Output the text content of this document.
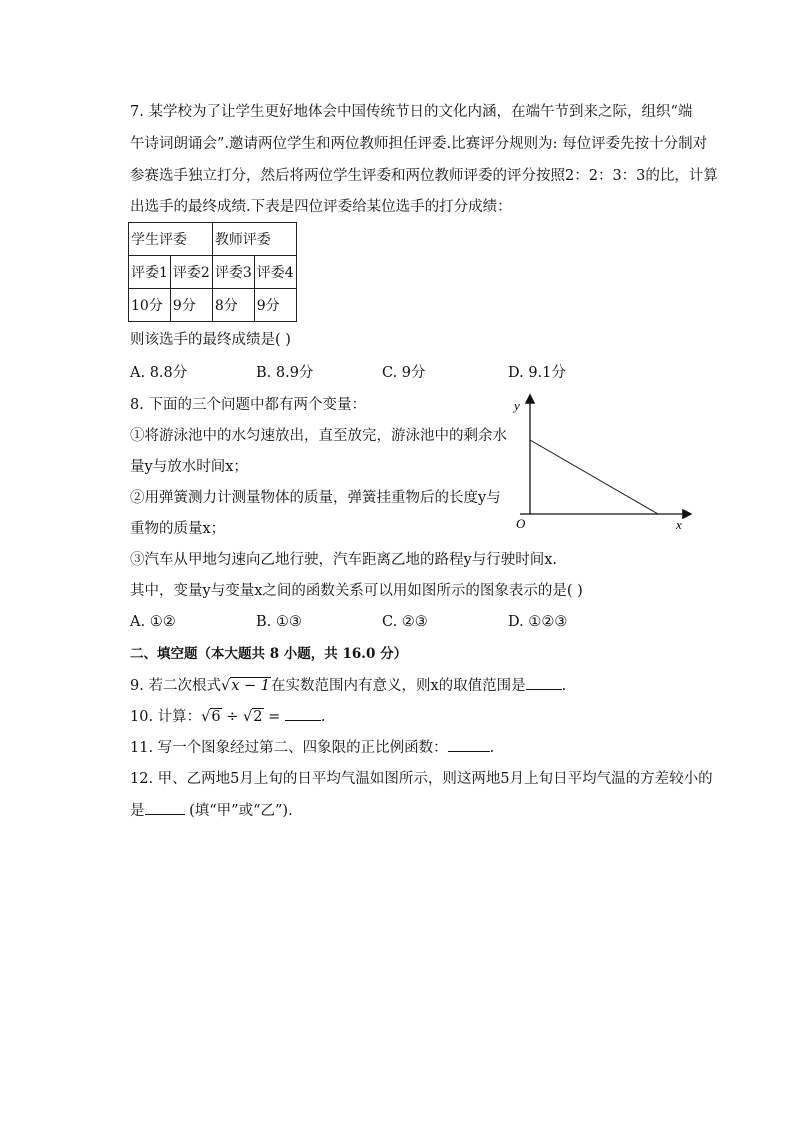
7. 某学校为了让学生更好地体会中国传统节日的文化内涵，在端午节到来之际，组织“端
午诗词朗诵会”.邀请两位学生和两位教师担任评委.比赛评分规则为: 每位评委先按十分制对
参赛选手独立打分，然后将两位学生评委和两位教师评委的评分按照2：2：3：3的比，计算
出选手的最终成绩.下表是四位评委给某位选手的打分成绩：
学生评委		教师评委	
评委1	评委2	评委3	评委4
10分	9分	8分	9分
则该选手的最终成绩是( )
A. 8.8分	B. 8.9分	C. 9分	D. 9.1分
8. 下面的三个问题中都有两个变量：
①将游泳池中的水匀速放出，直至放完，游泳池中的剩余水
量y与放水时间x；
②用弹簧测力计测量物体的质量，弹簧挂重物后的长度y与
重物的质量x；
③汽车从甲地匀速向乙地行驶，汽车距离乙地的路程y与行驶时间x.
其中，变量y与变量x之间的函数关系可以用如图所示的图象表示的是( )
y
x
O
A. ①②	B. ①③	C. ②③	D. ①②③
二、填空题（本大题共 8 小题，共 16.0 分）
9. 若二次根式√x − 1在实数范围内有意义，则x的取值范围是 .
10. 计算：√6 ÷ √2 = .
11. 写一个图象经过第二、四象限的正比例函数：	.
12. 甲、乙两地5月上旬的日平均气温如图所示，则这两地5月上旬日平均气温的方差较小的
是	(填“甲”或“乙”).
